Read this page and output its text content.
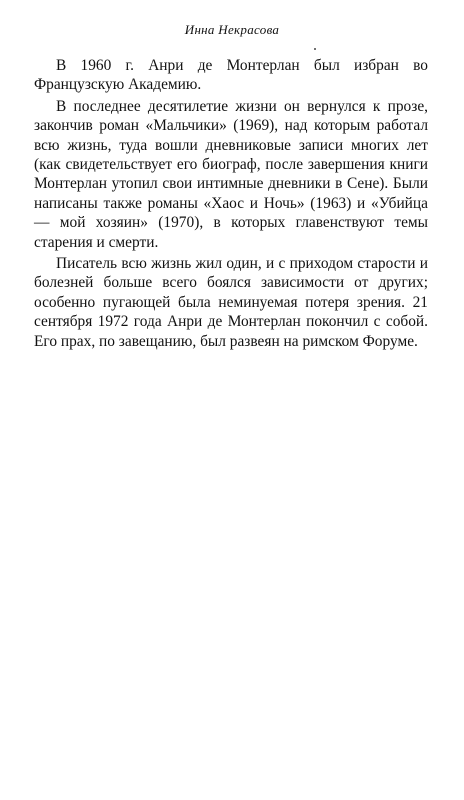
Инна Некрасова

В 1960 г. Анри де Монтерлан был избран во Французскую Академию.

В последнее десятилетие жизни он вернулся к прозе, закончив роман «Мальчики» (1969), над которым работал всю жизнь, туда вошли дневниковые записи многих лет (как свидетельствует его биограф, после завершения книги Монтерлан утопил свои интимные дневники в Сене). Были написаны также романы «Хаос и Ночь» (1963) и «Убийца — мой хозяин» (1970), в которых главенствуют темы старения и смерти.

Писатель всю жизнь жил один, и с приходом старости и болезней больше всего боялся зависимости от других; особенно пугающей была неминуемая потеря зрения. 21 сентября 1972 года Анри де Монтерлан покончил с собой. Его прах, по завещанию, был развеян на римском Форуме.
